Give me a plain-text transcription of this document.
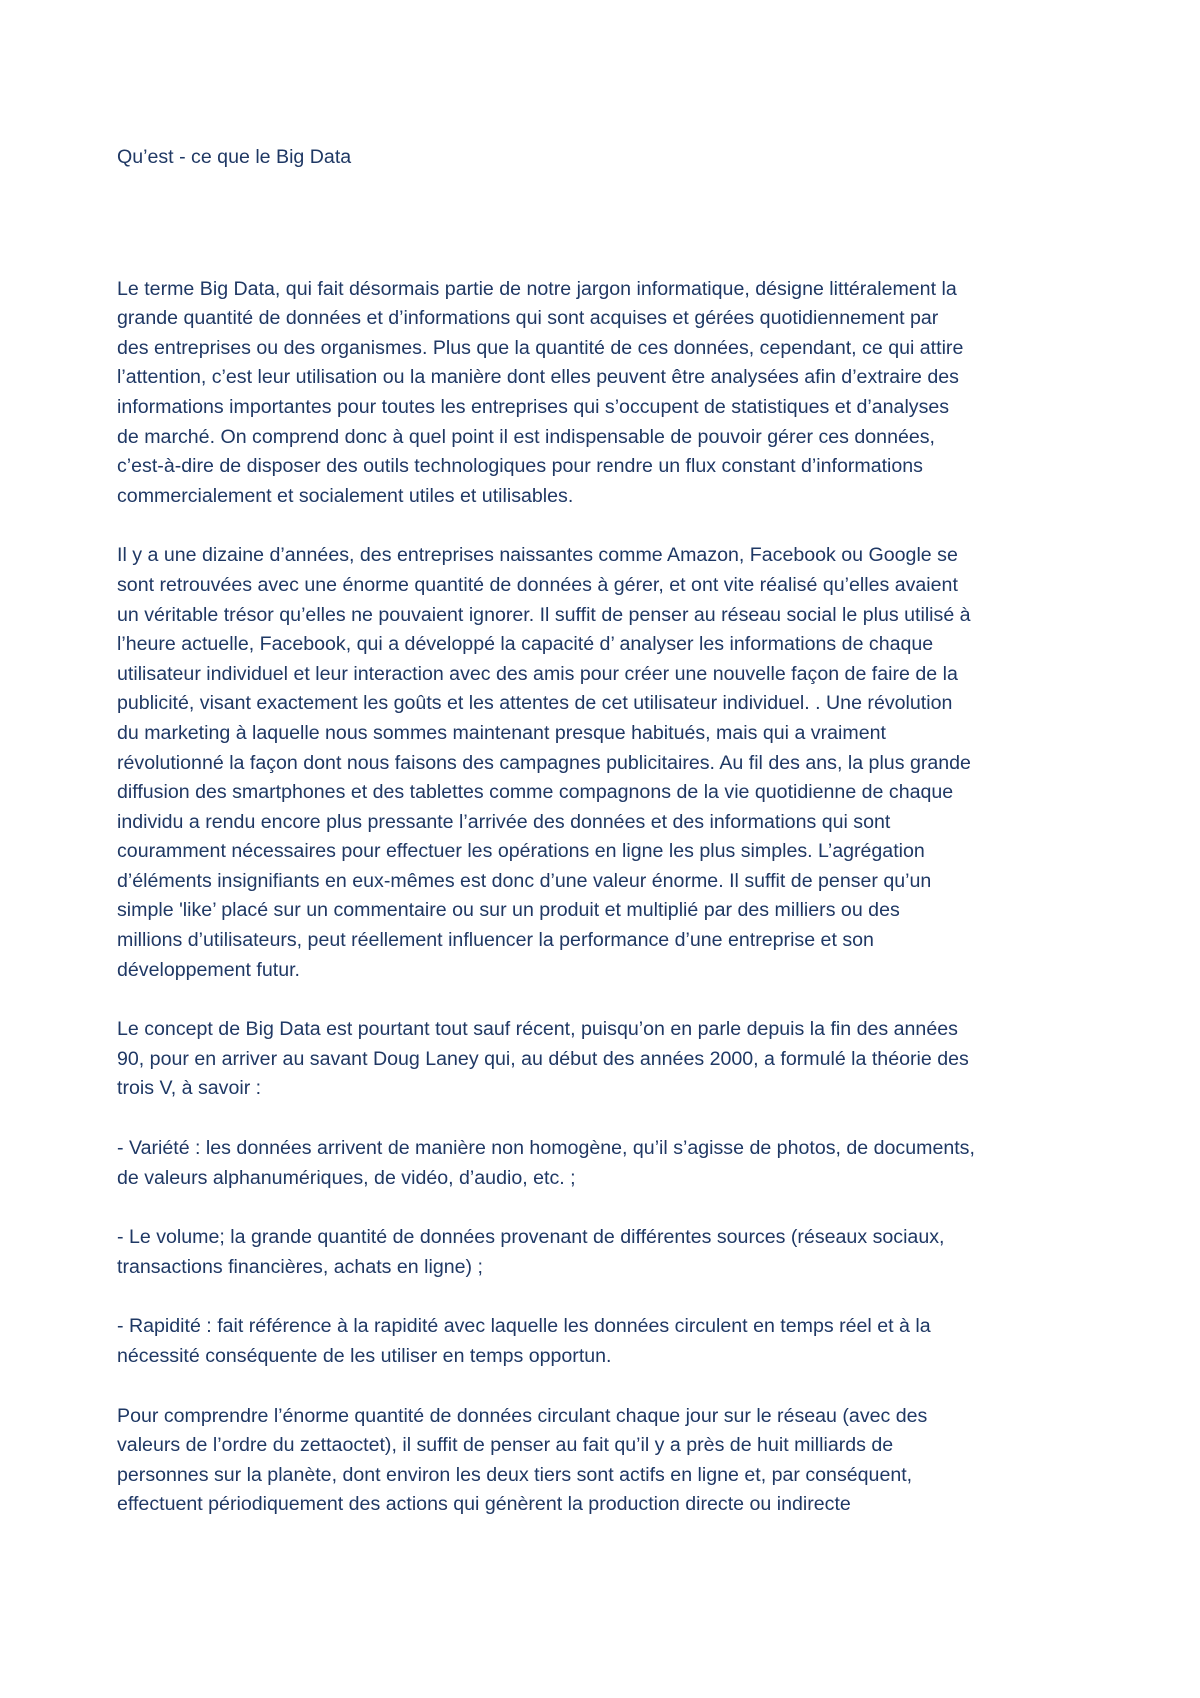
Qu’est - ce que le Big Data
Le terme Big Data, qui fait désormais partie de notre jargon informatique, désigne littéralement la
grande quantité de données et d’informations qui sont acquises et gérées quotidiennement par
des entreprises ou des organismes. Plus que la quantité de ces données, cependant, ce qui attire
l’attention, c’est leur utilisation ou la manière dont elles peuvent être analysées afin d’extraire des
informations importantes pour toutes les entreprises qui s’occupent de statistiques et d’analyses
de marché. On comprend donc à quel point il est indispensable de pouvoir gérer ces données,
c’est-à-dire de disposer des outils technologiques pour rendre un flux constant d’informations
commercialement et socialement utiles et utilisables.
Il y a une dizaine d’années, des entreprises naissantes comme Amazon, Facebook ou Google se
sont retrouvées avec une énorme quantité de données à gérer, et ont vite réalisé qu’elles avaient
un véritable trésor qu’elles ne pouvaient ignorer. Il suffit de penser au réseau social le plus utilisé à
l’heure actuelle, Facebook, qui a développé la capacité d’ analyser les informations de chaque
utilisateur individuel et leur interaction avec des amis pour créer une nouvelle façon de faire de la
publicité, visant exactement les goûts et les attentes de cet utilisateur individuel. . Une révolution
du marketing à laquelle nous sommes maintenant presque habitués, mais qui a vraiment
révolutionné la façon dont nous faisons des campagnes publicitaires. Au fil des ans, la plus grande
diffusion des smartphones et des tablettes comme compagnons de la vie quotidienne de chaque
individu a rendu encore plus pressante l’arrivée des données et des informations qui sont
couramment nécessaires pour effectuer les opérations en ligne les plus simples. L’agrégation
d’éléments insignifiants en eux-mêmes est donc d’une valeur énorme. Il suffit de penser qu’un
simple 'like’ placé sur un commentaire ou sur un produit et multiplié par des milliers ou des
millions d’utilisateurs, peut réellement influencer la performance d’une entreprise et son
développement futur.
Le concept de Big Data est pourtant tout sauf récent, puisqu’on en parle depuis la fin des années
90, pour en arriver au savant Doug Laney qui, au début des années 2000, a formulé la théorie des
trois V, à savoir :
- Variété : les données arrivent de manière non homogène, qu’il s’agisse de photos, de documents,
de valeurs alphanumériques, de vidéo, d’audio, etc. ;
- Le volume; la grande quantité de données provenant de différentes sources (réseaux sociaux,
transactions financières, achats en ligne) ;
- Rapidité : fait référence à la rapidité avec laquelle les données circulent en temps réel et à la
nécessité conséquente de les utiliser en temps opportun.
Pour comprendre l’énorme quantité de données circulant chaque jour sur le réseau (avec des
valeurs de l’ordre du zettaoctet), il suffit de penser au fait qu’il y a près de huit milliards de
personnes sur la planète, dont environ les deux tiers sont actifs en ligne et, par conséquent,
effectuent périodiquement des actions qui génèrent la production directe ou indirecte
